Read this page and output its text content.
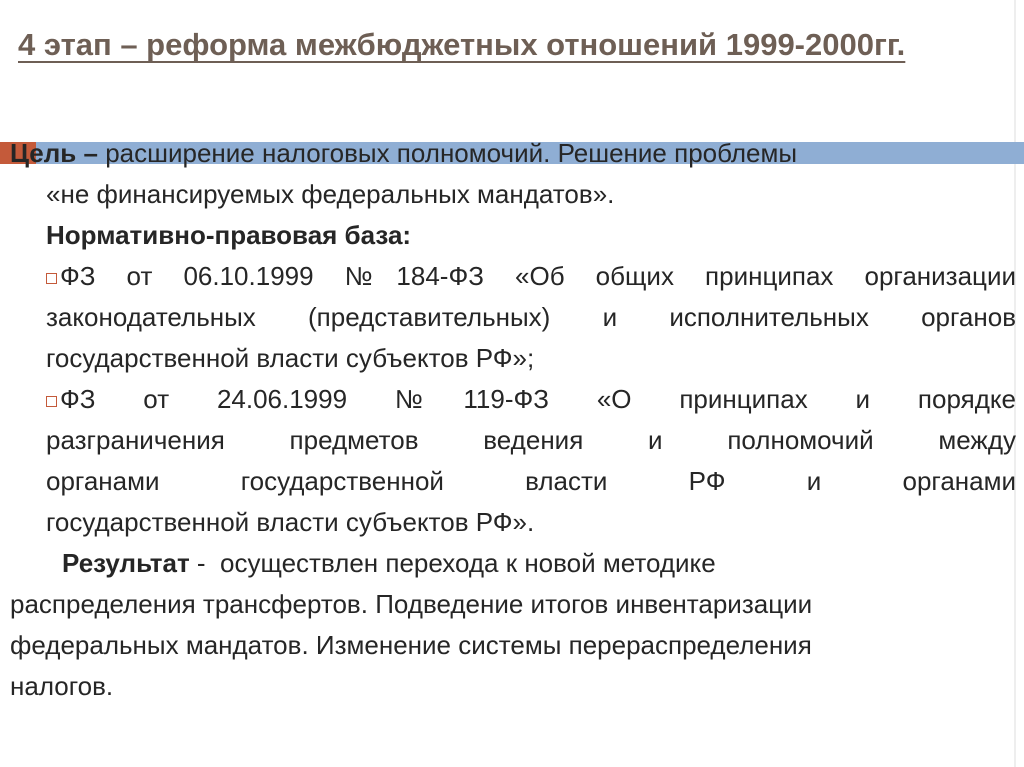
4 этап – реформа межбюджетных отношений 1999-2000гг.
Цель – расширение налоговых полномочий. Решение проблемы
«не финансируемых федеральных мандатов».
Нормативно-правовая база:
ФЗ от 06.10.1999 №184-ФЗ «Об общих принципах организации
законодательных (представительных) и исполнительных органов
государственной власти субъектов РФ»;
ФЗ от 24.06.1999 №119-ФЗ «О принципах и порядке
разграничения предметов ведения и полномочий между
органами государственной власти РФ и органами
государственной власти субъектов РФ».
Результат -  осуществлен перехода к новой методике
распределения трансфертов. Подведение итогов инвентаризации
федеральных мандатов. Изменение системы перераспределения
налогов.
